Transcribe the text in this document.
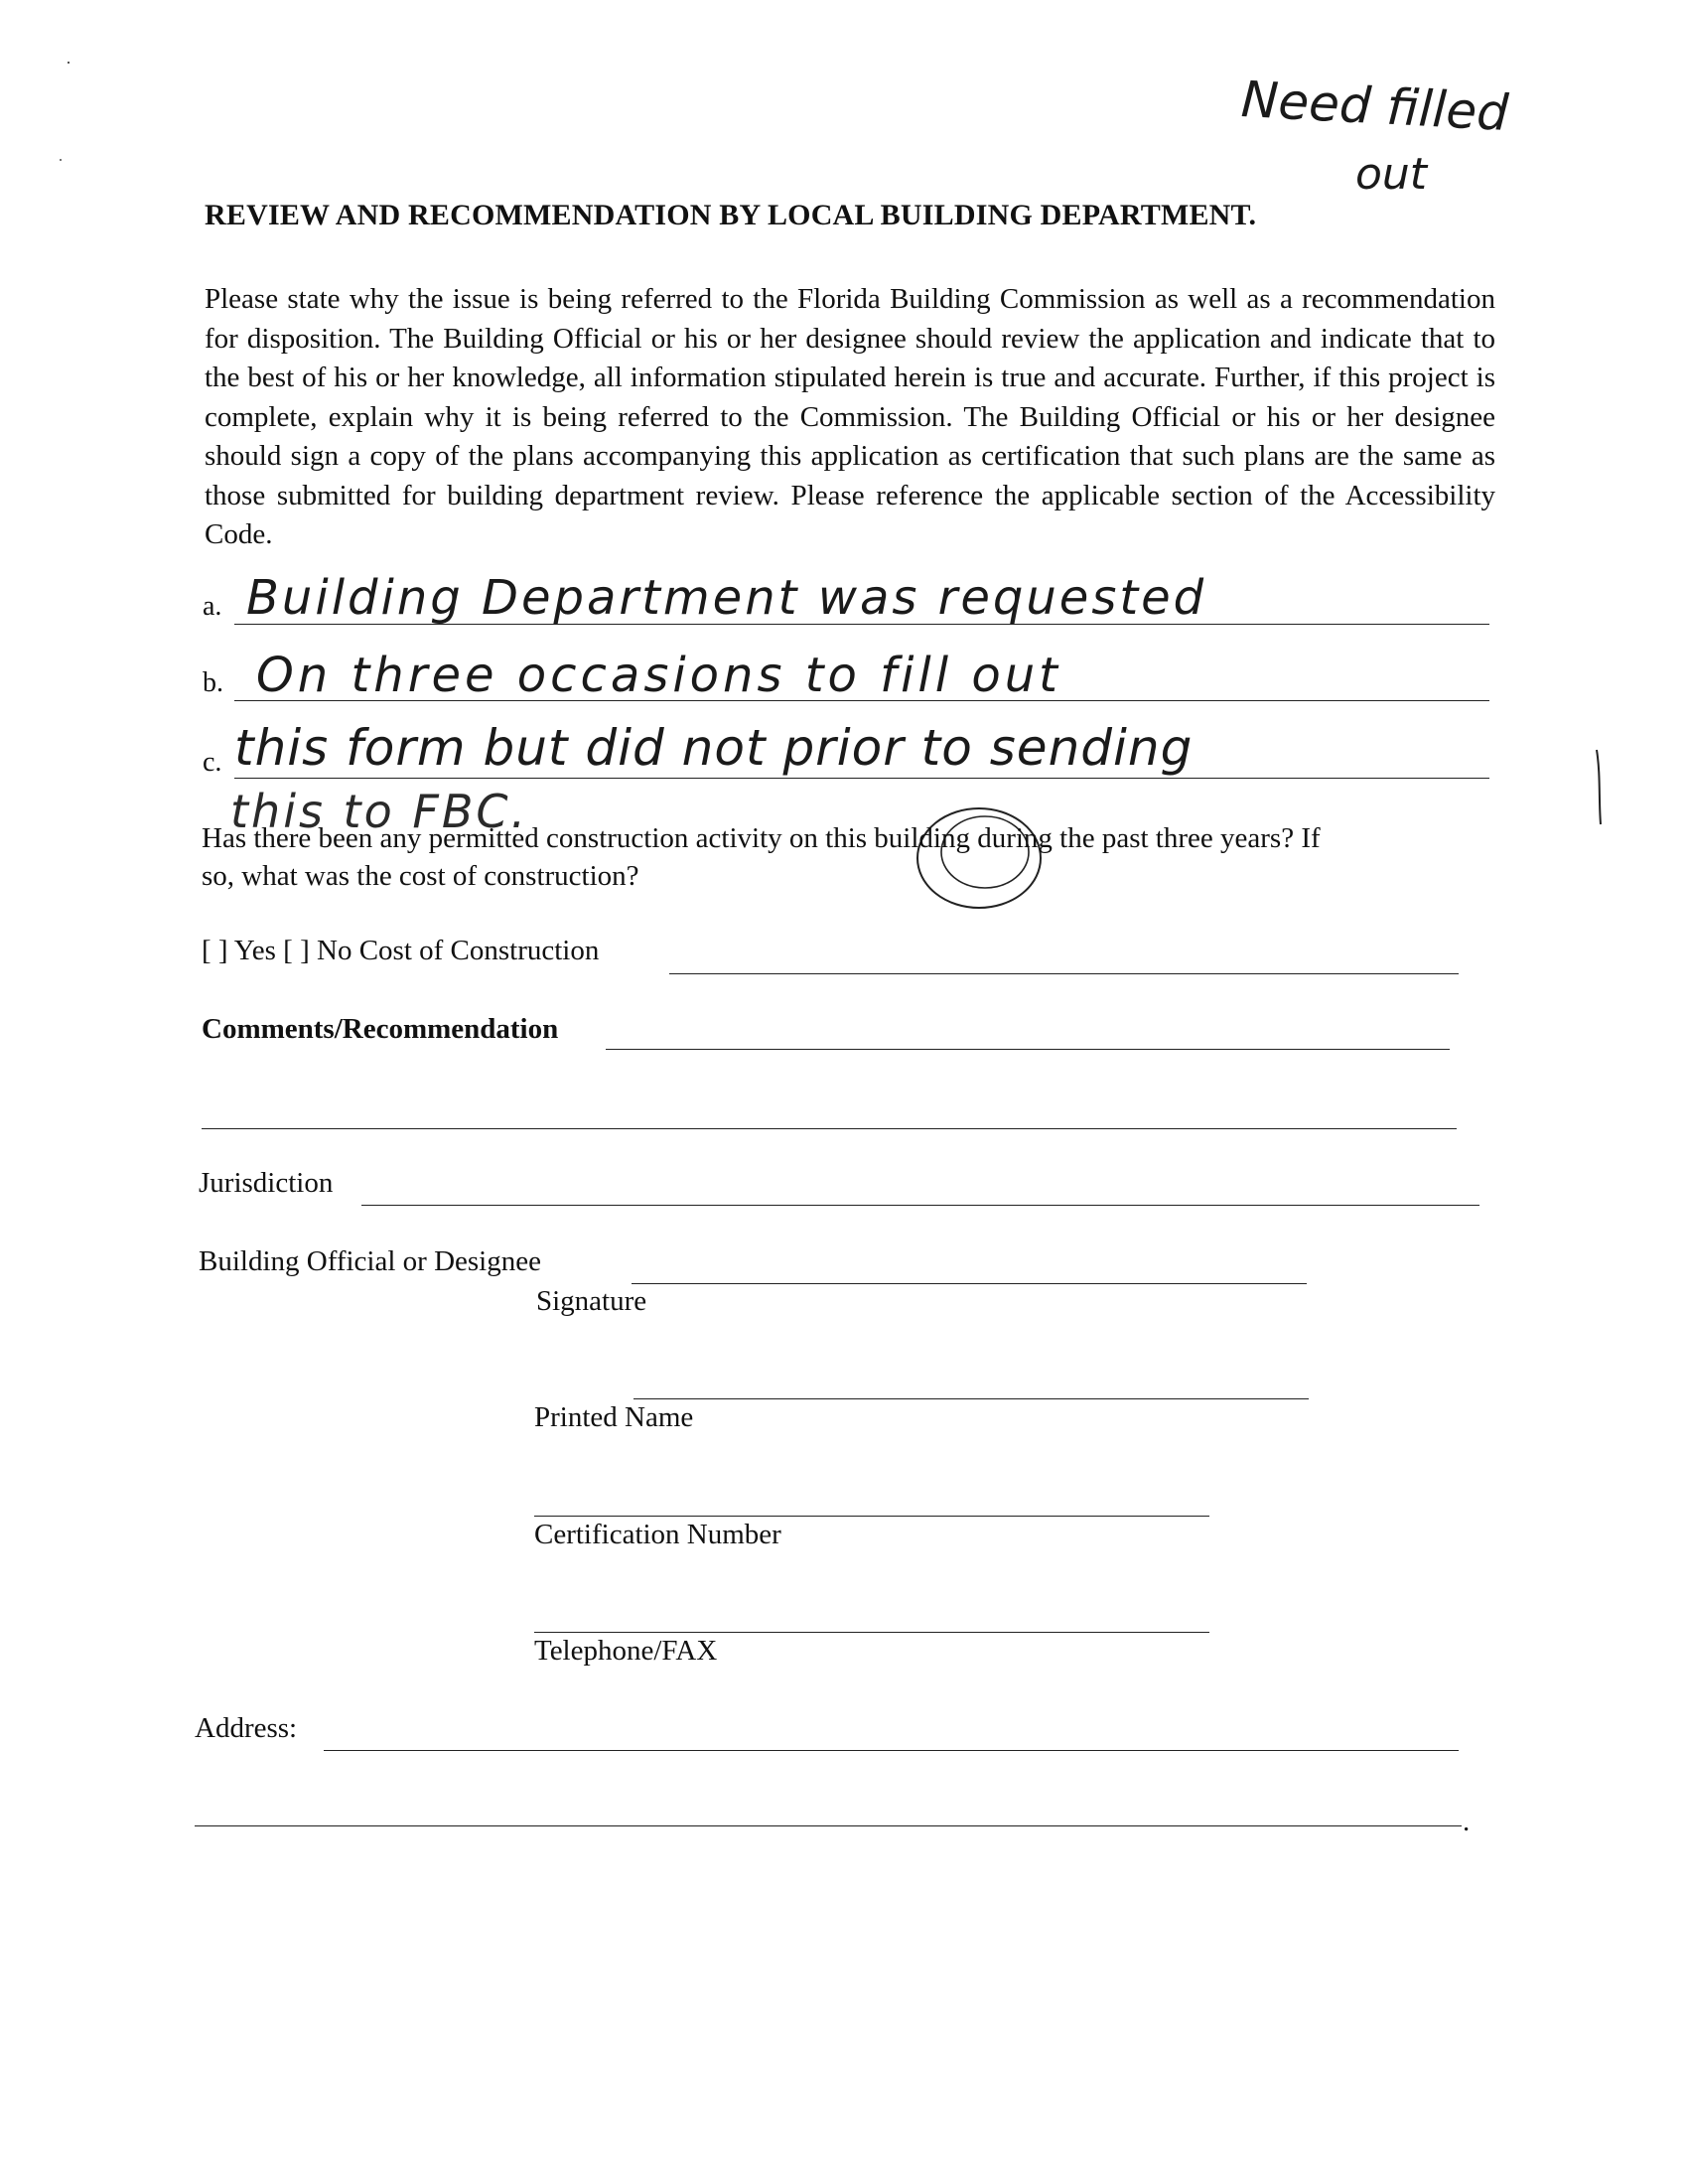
Need filled
out
REVIEW AND RECOMMENDATION BY LOCAL BUILDING DEPARTMENT.

Please state why the issue is being referred to the Florida Building Commission as well as a recommendation for disposition. The Building Official or his or her designee should review the application and indicate that to the best of his or her knowledge, all information stipulated herein is true and accurate. Further, if this project is complete, explain why it is being referred to the Commission. The Building Official or his or her designee should sign a copy of the plans accompanying this application as certification that such plans are the same as those submitted for building department review. Please reference the applicable section of the Accessibility Code.

a. Building Department was requested
b. On three occasions to fill out
c. this form but did not prior to sending
this to FBC.
Has there been any permitted construction activity on this building during the past three years? If
so, what was the cost of construction?
[ ] Yes [ ] No Cost of Construction
Comments/Recommendation
Jurisdiction
Building Official or Designee
Signature
Printed Name
Certification Number
Telephone/FAX
Address:
.
